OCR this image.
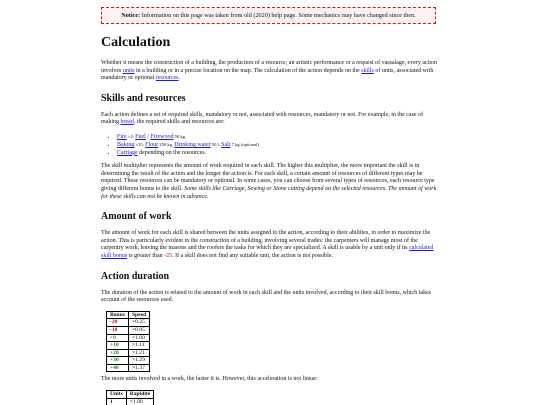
Notice: Information on this page was taken from old (2020) help page. Some mechanics may have changed since then.
Calculation

Whether it means the construction of a building, the production of a resource, an artistic performance or a request of vassalage, every action involves units in a building or in a precise location on the map. The calculation of the action depends on the skills of units, associated with mandatory or optional resources.

Skills and resources

Each action defines a set of required skills, mandatory or not, associated with resources, mandatory or not. For example, in the case of making bread, the required skills and resources are:

• Fire ×2: Fuel / Firewood 50 kg.
• Baking ×25: Flour 250 kg, Drinking water 50 l, Salt 7 kg (optional).
• Carriage depending on the resources.

The skill multiplier represents the amount of work required in each skill. The higher this multiplier, the more important the skill is in determining the result of the action and the longer the action is. For each skill, a certain amount of resources of different types may be required. These resources can be mandatory or optional. In some cases, you can choose from several types of resources, each resource type giving different bonus to the skill. Some skills like Carriage, Sewing or Stone cutting depend on the selected resources. The amount of work for these skills can not be known in advance.

Amount of work

The amount of work for each skill is shared between the units assigned to the action, according to their abilities, in order to maximize the action. This is particularly evident in the construction of a building, involving several trades: the carpenters will manage most of the carpentry work, leaving the masons and the roofers the tasks for which they are specialized. A skill is usable by a unit only if its calculated skill bonus is greater than -25. If a skill does not find any suitable unit, the action is not possible.

Action duration

The duration of the action is related to the amount of work in each skill and the units involved, according to their skill bonus, which takes account of the resources used.

Bonus	Speed
-20	×0.25
-10	×0.85
+0	×1.00
+10	×1.11
+20	×1.21
+30	×1.29
+40	×1.37

The more units involved in a work, the faster it is. However, this acceleration is not linear:

Units	Rapidité
1	×1.00
